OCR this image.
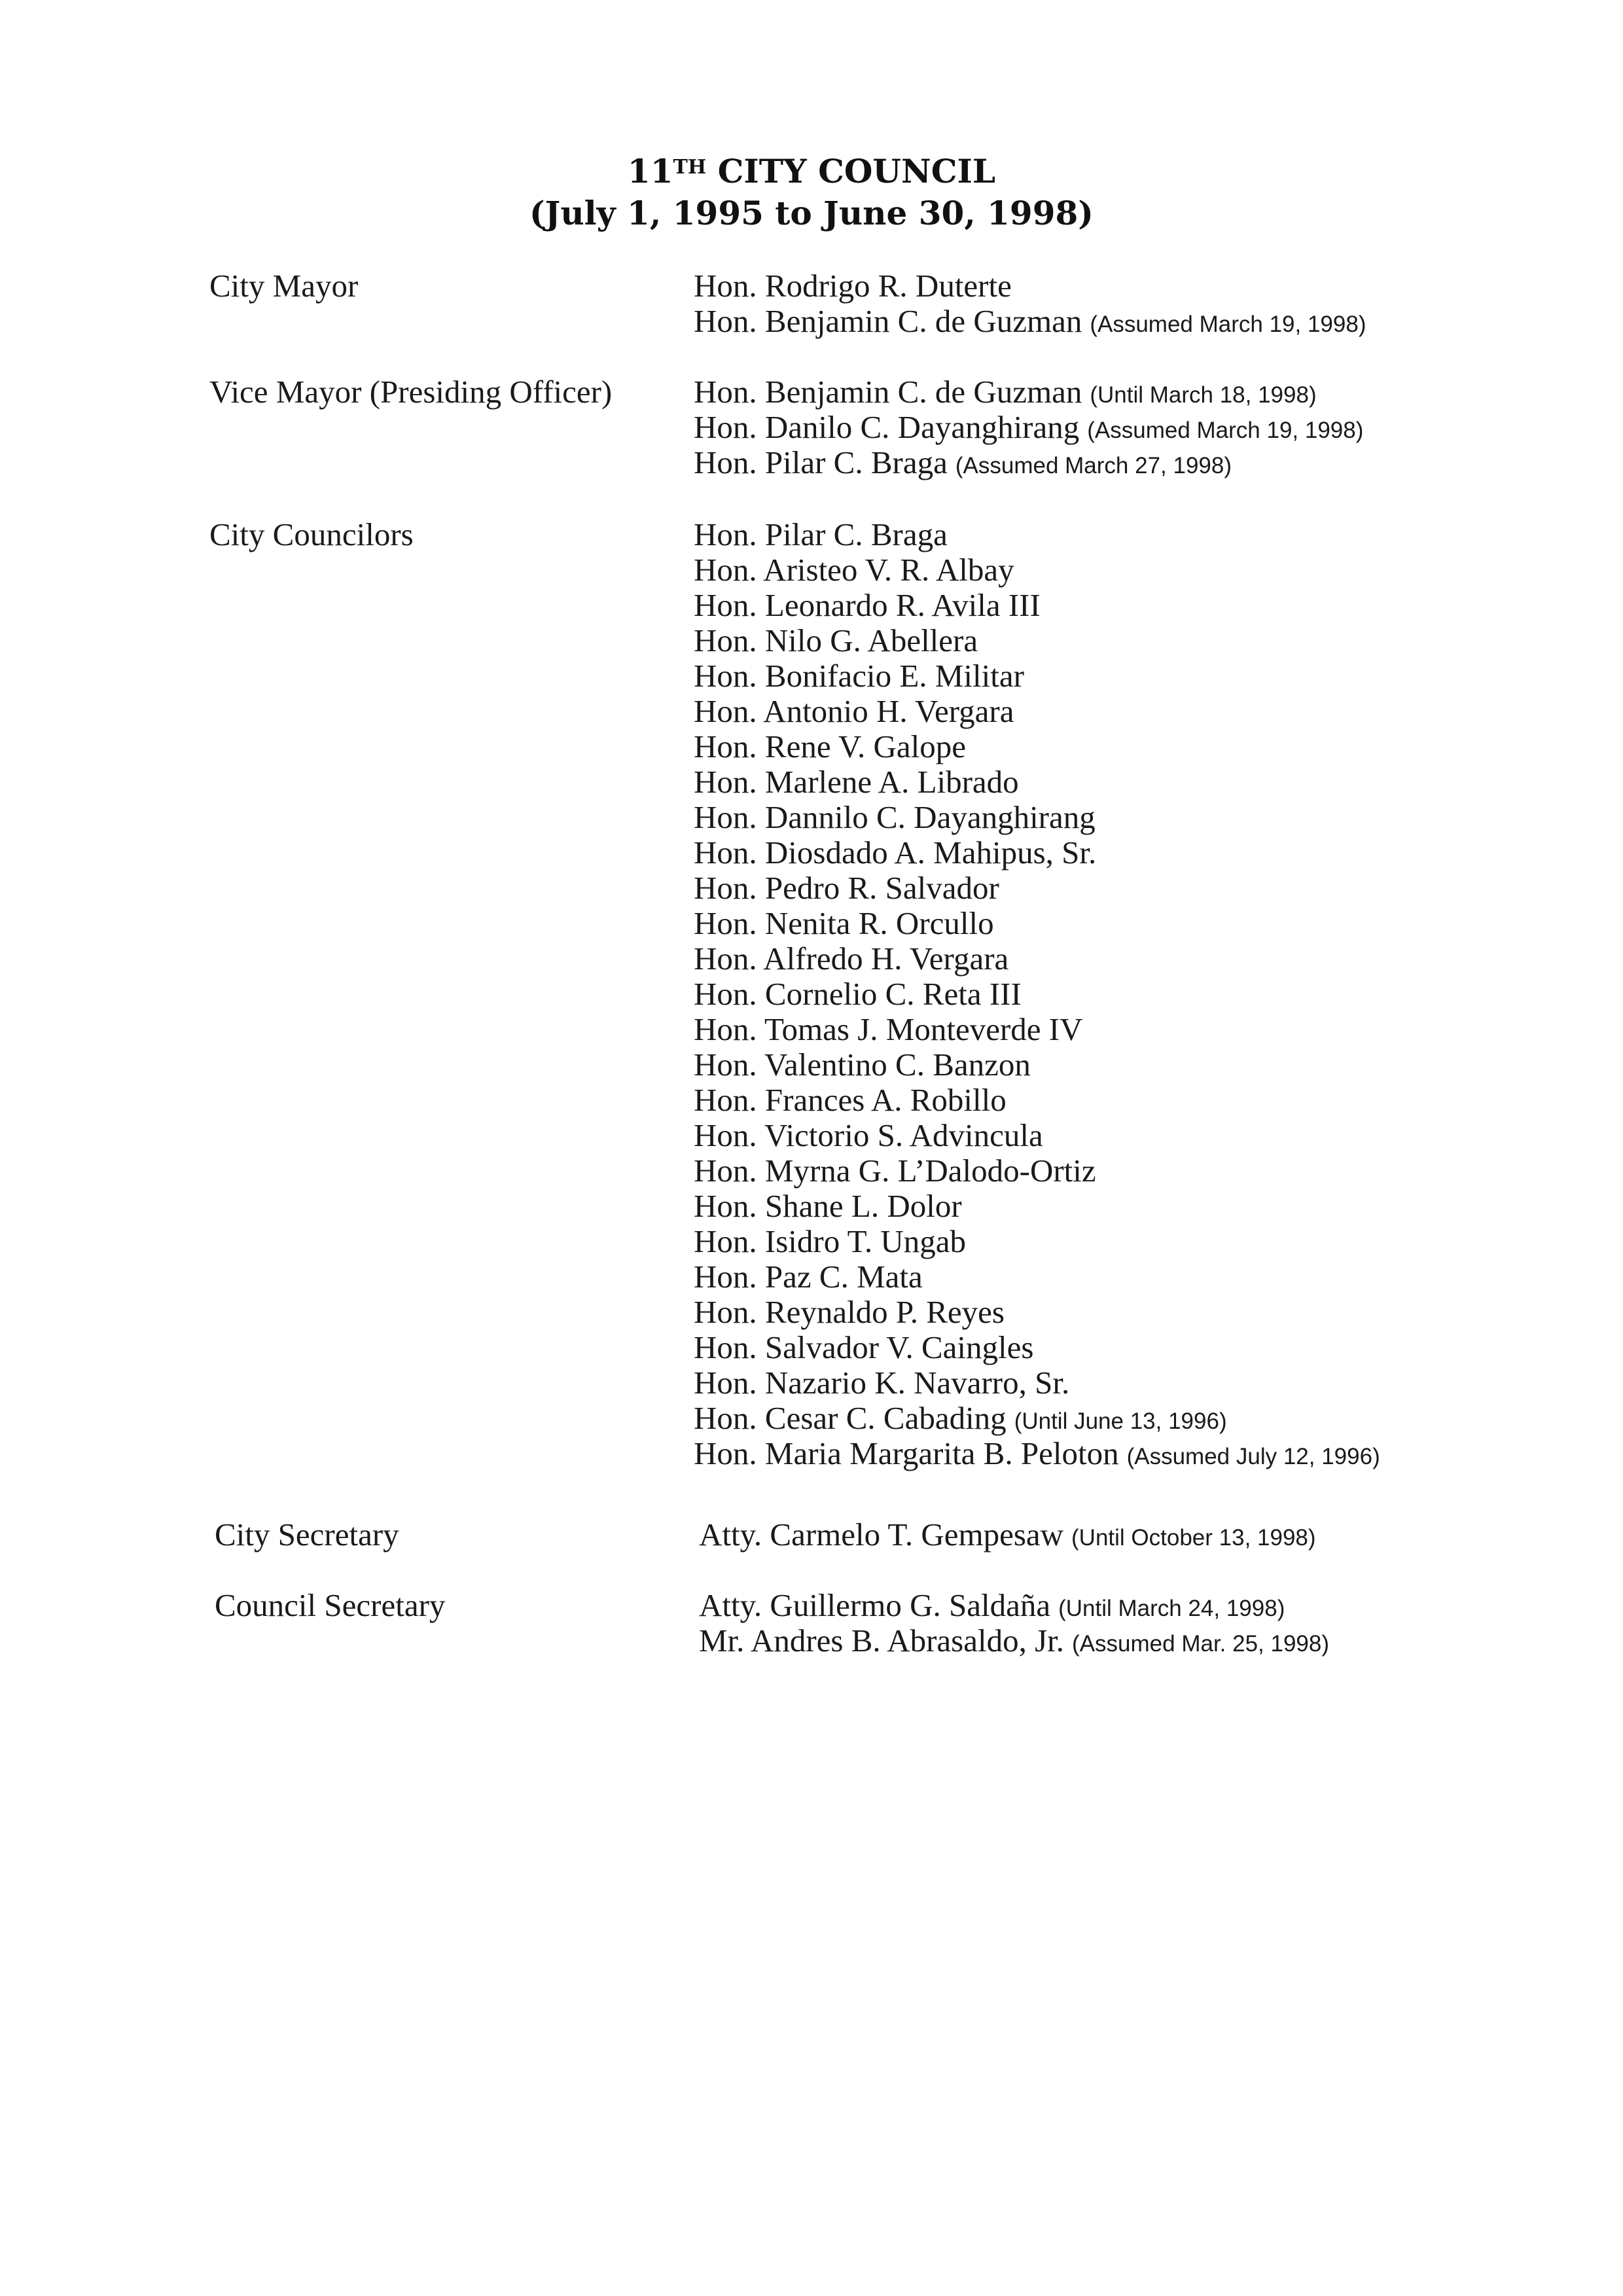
11TH CITY COUNCIL
(July 1, 1995 to June 30, 1998)
City Mayor	Hon. Rodrigo R. Duterte
Hon. Benjamin C. de Guzman (Assumed March 19, 1998)
Vice Mayor (Presiding Officer)	Hon. Benjamin C. de Guzman (Until March 18, 1998)
Hon. Danilo C. Dayanghirang (Assumed March 19, 1998)
Hon. Pilar C. Braga (Assumed March 27, 1998)
City Councilors	Hon. Pilar C. Braga
Hon. Aristeo V. R. Albay
Hon. Leonardo R. Avila III
Hon. Nilo G. Abellera
Hon. Bonifacio E. Militar
Hon. Antonio H. Vergara
Hon. Rene V. Galope
Hon. Marlene A. Librado
Hon. Dannilo C. Dayanghirang
Hon. Diosdado A. Mahipus, Sr.
Hon. Pedro R. Salvador
Hon. Nenita R. Orcullo
Hon. Alfredo H. Vergara
Hon. Cornelio C. Reta III
Hon. Tomas J. Monteverde IV
Hon. Valentino C. Banzon
Hon. Frances A. Robillo
Hon. Victorio S. Advincula
Hon. Myrna G. L’Dalodo-Ortiz
Hon. Shane L. Dolor
Hon. Isidro T. Ungab
Hon. Paz C. Mata
Hon. Reynaldo P. Reyes
Hon. Salvador V. Caingles
Hon. Nazario K. Navarro, Sr.
Hon. Cesar C. Cabading (Until June 13, 1996)
Hon. Maria Margarita B. Peloton (Assumed July 12, 1996)
City Secretary	Atty. Carmelo T. Gempesaw (Until October 13, 1998)
Council Secretary	Atty. Guillermo G. Saldaña (Until March 24, 1998)
Mr. Andres B. Abrasaldo, Jr. (Assumed Mar. 25, 1998)
